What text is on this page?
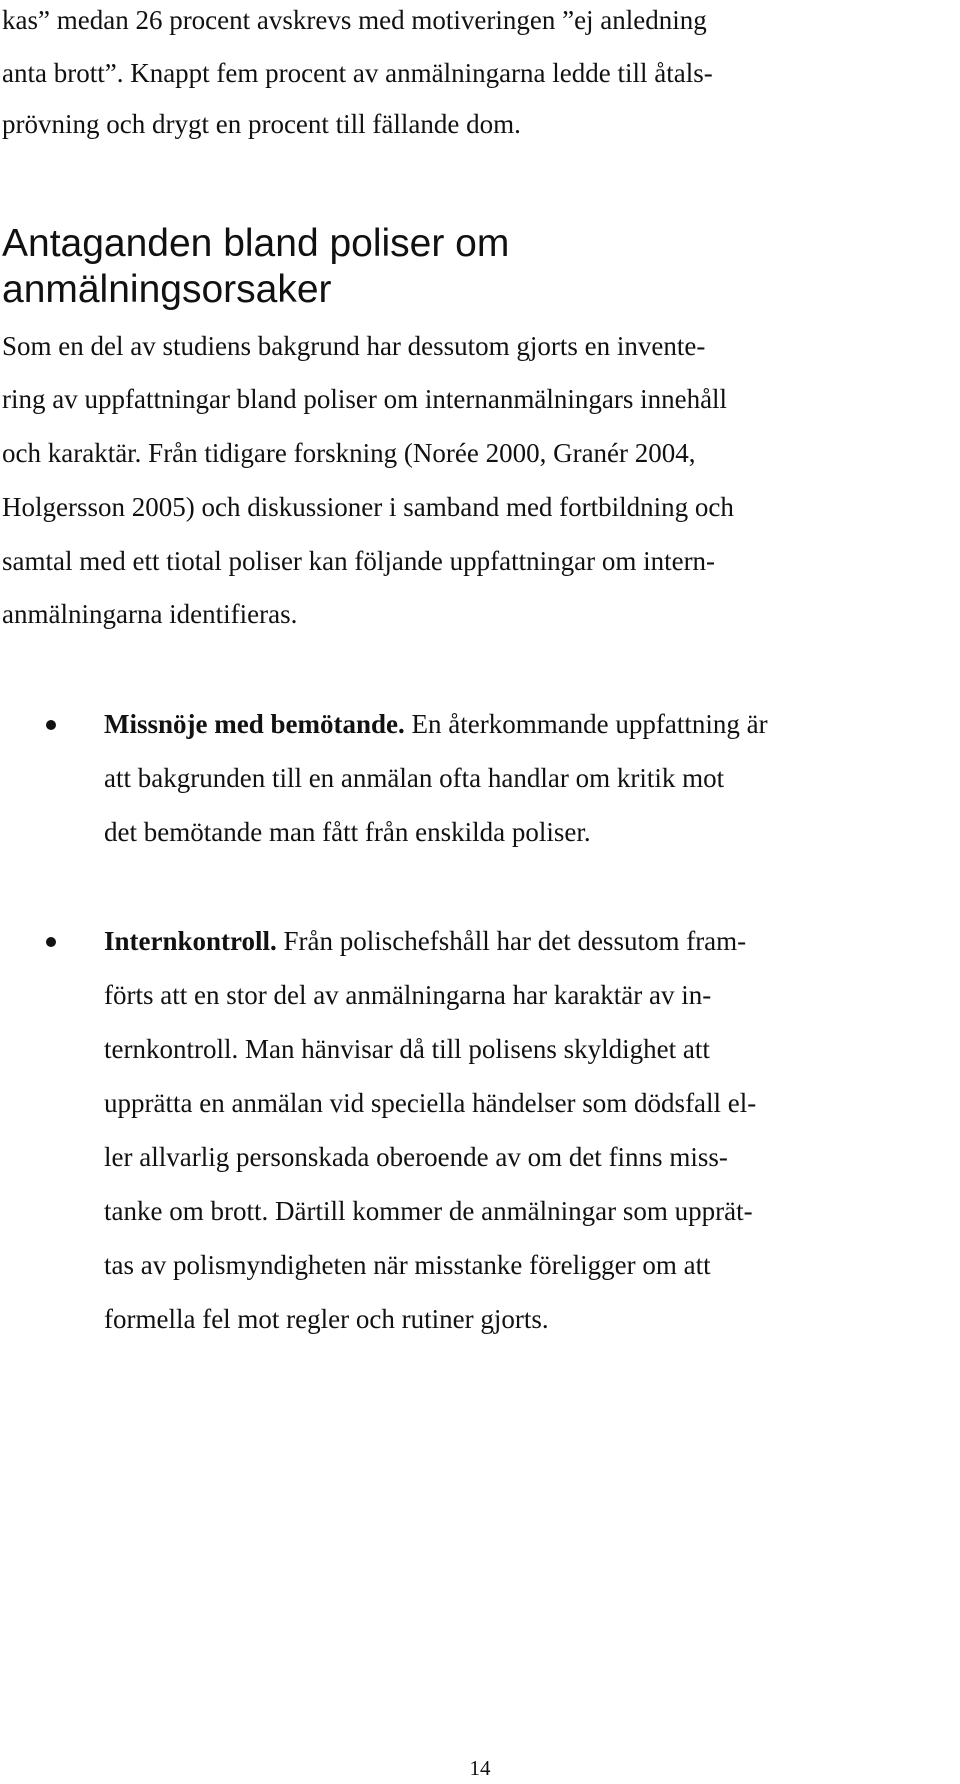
kas” medan 26 procent avskrevs med motiveringen ”ej anledning
anta brott”. Knappt fem procent av anmälningarna ledde till åtals-
prövning och drygt en procent till fällande dom.
Antaganden bland poliser om
anmälningsorsaker
Som en del av studiens bakgrund har dessutom gjorts en invente-
ring av uppfattningar bland poliser om internanmälningars innehåll
och karaktär. Från tidigare forskning (Norée 2000, Granér 2004,
Holgersson 2005) och diskussioner i samband med fortbildning och
samtal med ett tiotal poliser kan följande uppfattningar om intern-
anmälningarna identifieras.
Missnöje med bemötande. En återkommande uppfattning är
att bakgrunden till en anmälan ofta handlar om kritik mot
det bemötande man fått från enskilda poliser.
Internkontroll. Från polischefshåll har det dessutom fram-
förts att en stor del av anmälningarna har karaktär av in-
ternkontroll. Man hänvisar då till polisens skyldighet att
upprätta en anmälan vid speciella händelser som dödsfall el-
ler allvarlig personskada oberoende av om det finns miss-
tanke om brott. Därtill kommer de anmälningar som upprät-
tas av polismyndigheten när misstanke föreligger om att
formella fel mot regler och rutiner gjorts.
14
